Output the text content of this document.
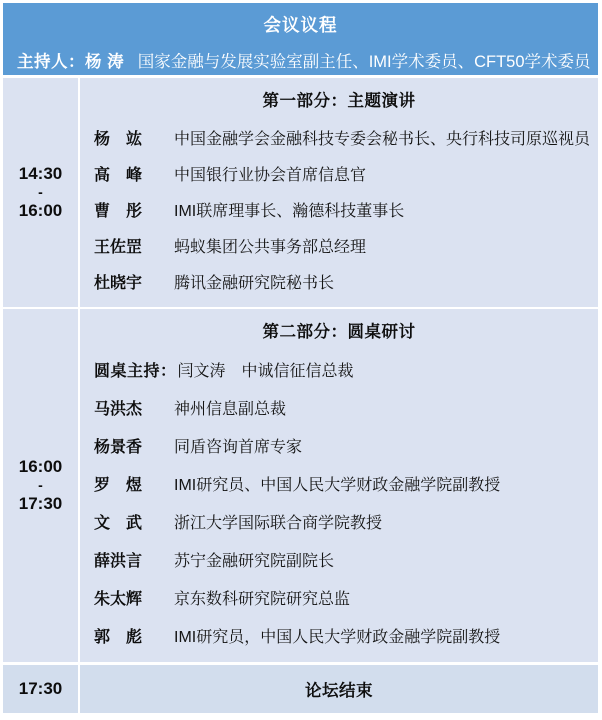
会议议程
主持人：杨 涛 国家金融与发展实验室副主任、IMI学术委员、CFT50学术委员
14:30
-
16:00
第一部分：主题演讲
杨　竑	中国金融学会金融科技专委会秘书长、央行科技司原巡视员
高　峰	中国银行业协会首席信息官
曹　彤	IMI联席理事长、瀚德科技董事长
王佐罡	蚂蚁集团公共事务部总经理
杜晓宇	腾讯金融研究院秘书长
16:00
-
17:30
第二部分：圆桌研讨
圆桌主持： 闫文涛 中诚信征信总裁
马洪杰	神州信息副总裁
杨景香	同盾咨询首席专家
罗　煜	IMI研究员、中国人民大学财政金融学院副教授
文　武	浙江大学国际联合商学院教授
薛洪言	苏宁金融研究院副院长
朱太辉	京东数科研究院研究总监
郭　彪	IMI研究员，中国人民大学财政金融学院副教授
17:30	论坛结束
